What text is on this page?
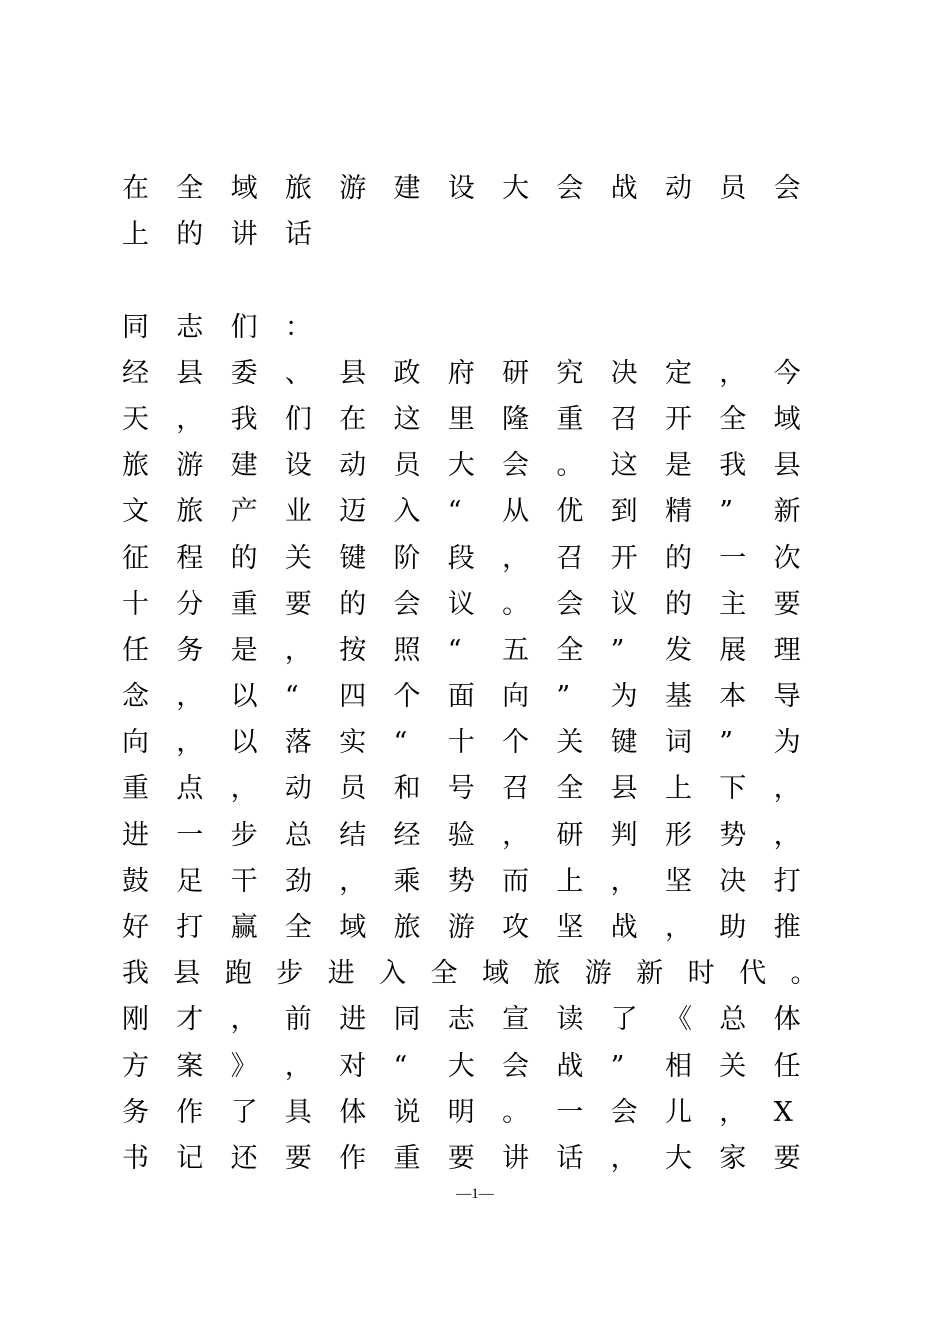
在	全	域	旅	游	建	设	大	会	战	动	员	会
上	的	讲	话
同	志	们	：
经	县	委	、	县	政	府	研	究	决	定	，	今
天	，	我	们	在	这	里	隆	重	召	开	全	域
旅	游	建	设	动	员	大	会	。	这	是	我	县
文	旅	产	业	迈	入	“	从	优	到	精	”	新
征	程	的	关	键	阶	段	，	召	开	的	一	次
十	分	重	要	的	会	议	。	会	议	的	主	要
任	务	是	，	按	照	“	五	全	”	发	展	理
念	，	以	“	四	个	面	向	”	为	基	本	导
向	，	以	落	实	“	十	个	关	键	词	”	为
重	点	，	动	员	和	号	召	全	县	上	下	，
进	一	步	总	结	经	验	，	研	判	形	势	，
鼓	足	干	劲	，	乘	势	而	上	，	坚	决	打
好	打	赢	全	域	旅	游	攻	坚	战	，	助	推
我 县 跑 步 进 入 全 域 旅 游 新 时 代 。
刚	才	，	前	进	同	志	宣	读	了	《	总	体
方	案	》	，	对	“	大	会	战	”	相	关	任
务	作	了	具	体	说	明	。	一	会	儿	，	X
书	记	还	要	作	重	要	讲	话	，	大	家	要
—1—
